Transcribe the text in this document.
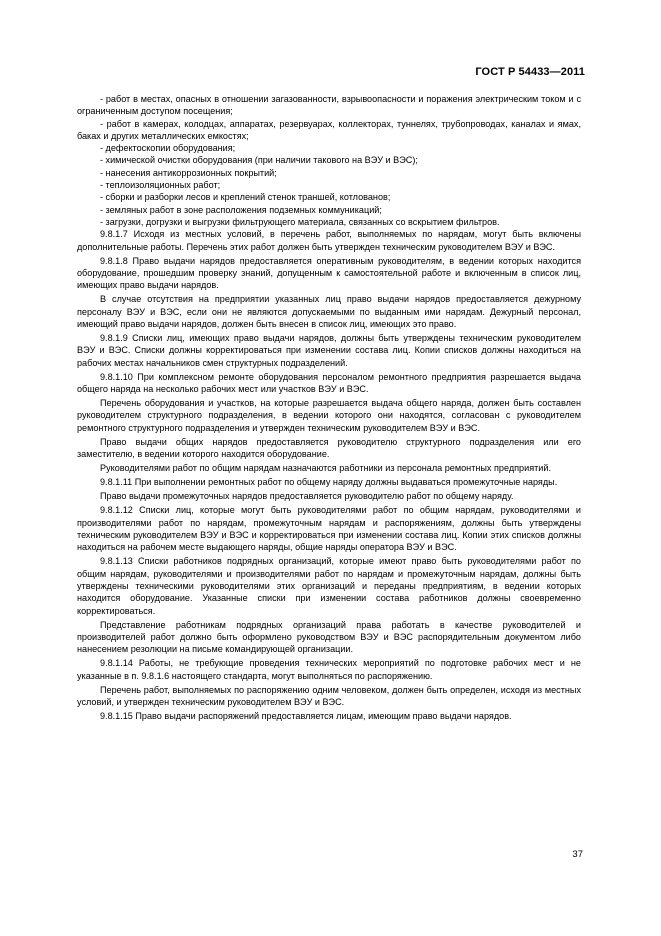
ГОСТ Р 54433—2011

- работ в местах, опасных в отношении загазованности, взрывоопасности и поражения электрическим током и с ограниченным доступом посещения;

- работ в камерах, колодцах, аппаратах, резервуарах, коллекторах, туннелях, трубопроводах, каналах и ямах, баках и других металлических емкостях;

- дефектоскопии оборудования;

- химической очистки оборудования (при наличии такового на ВЭУ и ВЭС);

- нанесения антикоррозионных покрытий;

- теплоизоляционных работ;

- сборки и разборки лесов и креплений стенок траншей, котлованов;

- земляных работ в зоне расположения подземных коммуникаций;

- загрузки, догрузки и выгрузки фильтрующего материала, связанных со вскрытием фильтров.

9.8.1.7 Исходя из местных условий, в перечень работ, выполняемых по нарядам, могут быть включены дополнительные работы. Перечень этих работ должен быть утвержден техническим руководителем ВЭУ и ВЭС.

9.8.1.8 Право выдачи нарядов предоставляется оперативным руководителям, в ведении которых находится оборудование, прошедшим проверку знаний, допущенным к самостоятельной работе и включенным в список лиц, имеющих право выдачи нарядов.

В случае отсутствия на предприятии указанных лиц право выдачи нарядов предоставляется дежурному персоналу ВЭУ и ВЭС, если они не являются допускаемыми по выданным ими нарядам. Дежурный персонал, имеющий право выдачи нарядов, должен быть внесен в список лиц, имеющих это право.

9.8.1.9 Списки лиц, имеющих право выдачи нарядов, должны быть утверждены техническим руководителем ВЭУ и ВЭС. Списки должны корректироваться при изменении состава лиц. Копии списков должны находиться на рабочих местах начальников смен структурных подразделений.

9.8.1.10 При комплексном ремонте оборудования персоналом ремонтного предприятия разрешается выдача общего наряда на несколько рабочих мест или участков ВЭУ и ВЭС.

Перечень оборудования и участков, на которые разрешается выдача общего наряда, должен быть составлен руководителем структурного подразделения, в ведении которого они находятся, согласован с руководителем ремонтного структурного подразделения и утвержден техническим руководителем ВЭУ и ВЭС.

Право выдачи общих нарядов предоставляется руководителю структурного подразделения или его заместителю, в ведении которого находится оборудование.

Руководителями работ по общим нарядам назначаются работники из персонала ремонтных предприятий.

9.8.1.11 При выполнении ремонтных работ по общему наряду должны выдаваться промежуточные наряды.

Право выдачи промежуточных нарядов предоставляется руководителю работ по общему наряду.

9.8.1.12 Списки лиц, которые могут быть руководителями работ по общим нарядам, руководителями и производителями работ по нарядам, промежуточным нарядам и распоряжениям, должны быть утверждены техническим руководителем ВЭУ и ВЭС и корректироваться при изменении состава лиц. Копии этих списков должны находиться на рабочем месте выдающего наряды, общие наряды оператора ВЭУ и ВЭС.

9.8.1.13 Списки работников подрядных организаций, которые имеют право быть руководителями работ по общим нарядам, руководителями и производителями работ по нарядам и промежуточным нарядам, должны быть утверждены техническими руководителями этих организаций и переданы предприятиям, в ведении которых находится оборудование. Указанные списки при изменении состава работников должны своевременно корректироваться.

Представление работникам подрядных организаций права работать в качестве руководителей и производителей работ должно быть оформлено руководством ВЭУ и ВЭС распорядительным документом либо нанесением резолюции на письме командирующей организации.

9.8.1.14 Работы, не требующие проведения технических мероприятий по подготовке рабочих мест и не указанные в п. 9.8.1.6 настоящего стандарта, могут выполняться по распоряжению.

Перечень работ, выполняемых по распоряжению одним человеком, должен быть определен, исходя из местных условий, и утвержден техническим руководителем ВЭУ и ВЭС.

9.8.1.15 Право выдачи распоряжений предоставляется лицам, имеющим право выдачи нарядов.

37
